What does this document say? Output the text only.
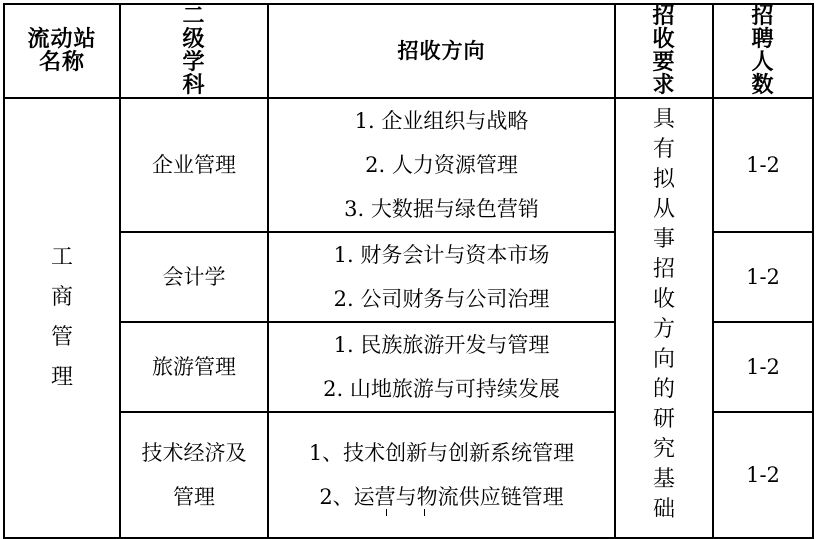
流动站名称	二级学科	招收方向	招收要求	招聘人数
工商管理	企业管理	1. 企业组织与战略
2. 人力资源管理
3. 大数据与绿色营销	具有拟从事招收方向的研究基础	1-2
	会计学	1. 财务会计与资本市场
2. 公司财务与公司治理		1-2
	旅游管理	1. 民族旅游开发与管理
2. 山地旅游与可持续发展		1-2
	技术经济及管理	1、技术创新与创新系统管理
2、运营与物流供应链管理		1-2
